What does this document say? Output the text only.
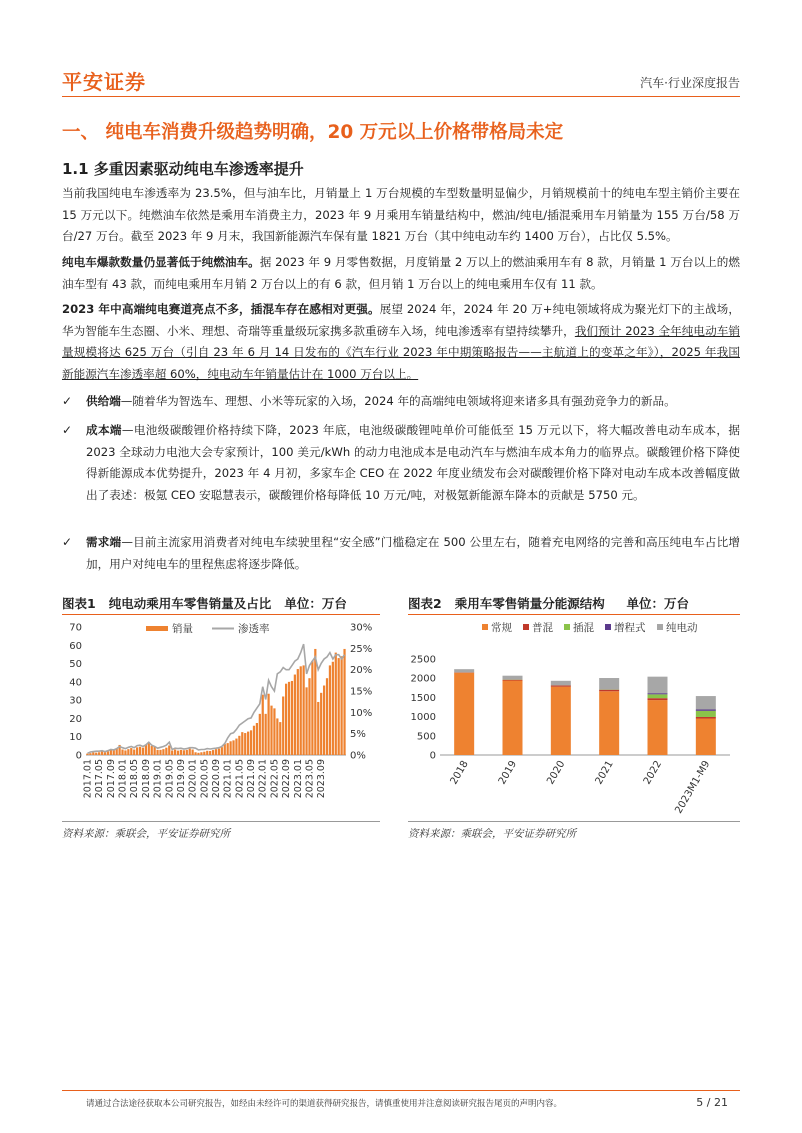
平安证券	汽车·行业深度报告
一、 纯电车消费升级趋势明确，20 万元以上价格带格局未定
1.1 多重因素驱动纯电车渗透率提升
当前我国纯电车渗透率为 23.5%，但与油车比，月销量上 1 万台规模的车型数量明显偏少，月销规模前十的纯电车型主销价主要在 15 万元以下。纯燃油车依然是乘用车消费主力，2023 年 9 月乘用车销量结构中，燃油/纯电/插混乘用车月销量为 155 万台/58 万台/27 万台。截至 2023 年 9 月末，我国新能源汽车保有量 1821 万台（其中纯电动车约 1400 万台），占比仅 5.5%。
纯电车爆款数量仍显著低于纯燃油车。据 2023 年 9 月零售数据，月度销量 2 万以上的燃油乘用车有 8 款，月销量 1 万台以上的燃油车型有 43 款，而纯电乘用车月销 2 万台以上的有 6 款，但月销 1 万台以上的纯电乘用车仅有 11 款。
2023 年中高端纯电赛道亮点不多，插混车存在感相对更强。展望 2024 年，2024 年 20 万+纯电领域将成为聚光灯下的主战场，华为智能车生态圈、小米、理想、奇瑞等重量级玩家携多款重磅车入场，纯电渗透率有望持续攀升，我们预计 2023 全年纯电动车销量规模将达 625 万台（引自 23 年 6 月 14 日发布的《汽车行业 2023 年中期策略报告——主航道上的变革之年》），2025 年我国新能源汽车渗透率超 60%，纯电动车年销量估计在 1000 万台以上。
✓ 供给端—随着华为智选车、理想、小米等玩家的入场，2024 年的高端纯电领域将迎来诸多具有强劲竞争力的新品。
✓ 成本端—电池级碳酸锂价格持续下降，2023 年底，电池级碳酸锂吨单价可能低至 15 万元以下，将大幅改善电动车成本，据 2023 全球动力电池大会专家预计，100 美元/kWh 的动力电池成本是电动汽车与燃油车成本角力的临界点。碳酸锂价格下降使得新能源成本优势提升，2023 年 4 月初，多家车企 CEO 在 2022 年度业绩发布会对碳酸锂价格下降对电动车成本改善幅度做出了表述：极氪 CEO 安聪慧表示，碳酸锂价格每降低 10 万元/吨，对极氪新能源车降本的贡献是 5750 元。
✓ 需求端—目前主流家用消费者对纯电车续驶里程“安全感”门槛稳定在 500 公里左右，随着充电网络的完善和高压纯电车占比增加，用户对纯电车的里程焦虑将逐步降低。
图表1 纯电动乘用车零售销量及占比 单位：万台
0
10
20
30
40
50
60
70
0%
5%
10%
15%
20%
25%
30%
销量	渗透率
2017.01 2017.05 2017.09 2018.01 2018.05 2018.09 2019.01 2019.05 2019.09 2020.01 2020.05 2020.09 2021.01 2021.05 2021.09 2022.01 2022.05 2022.09 2023.01 2023.05 2023.09
资料来源：乘联会，平安证券研究所
图表2 乘用车零售销量分能源结构 单位：万台
0
500
1000
1500
2000
2500
2018	2019	2020	2021	2022 2023M1-M9
常规 普混 插混 增程式 纯电动
资料来源：乘联会，平安证券研究所
请通过合法途径获取本公司研究报告，如经由未经许可的渠道获得研究报告，请慎重使用并注意阅读研究报告尾页的声明内容。	5 / 21
